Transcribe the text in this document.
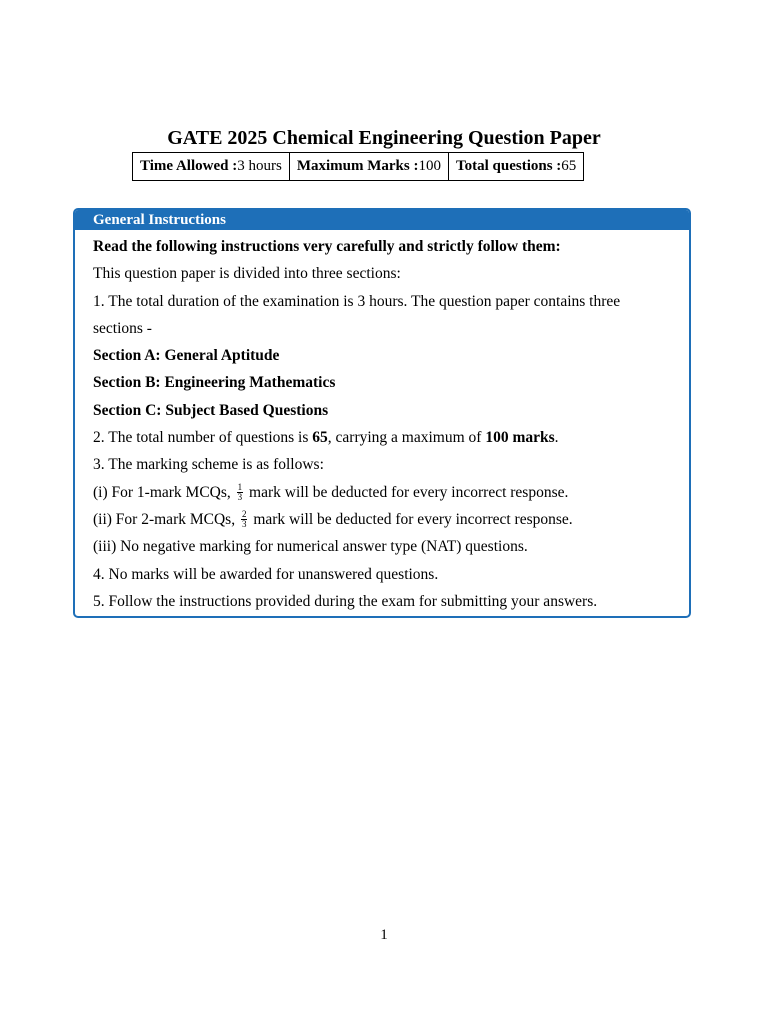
GATE 2025 Chemical Engineering Question Paper
Time Allowed :3 hours	Maximum Marks :100	Total questions :65
General Instructions
Read the following instructions very carefully and strictly follow them:
This question paper is divided into three sections:
1. The total duration of the examination is 3 hours. The question paper contains three
sections -
Section A: General Aptitude
Section B: Engineering Mathematics
Section C: Subject Based Questions
2. The total number of questions is 65, carrying a maximum of 100 marks.
3. The marking scheme is as follows:
(i) For 1-mark MCQs, $\frac{1}{3}$ mark will be deducted for every incorrect response.
(ii) For 2-mark MCQs, $\frac{2}{3}$ mark will be deducted for every incorrect response.
(iii) No negative marking for numerical answer type (NAT) questions.
4. No marks will be awarded for unanswered questions.
5. Follow the instructions provided during the exam for submitting your answers.
1
